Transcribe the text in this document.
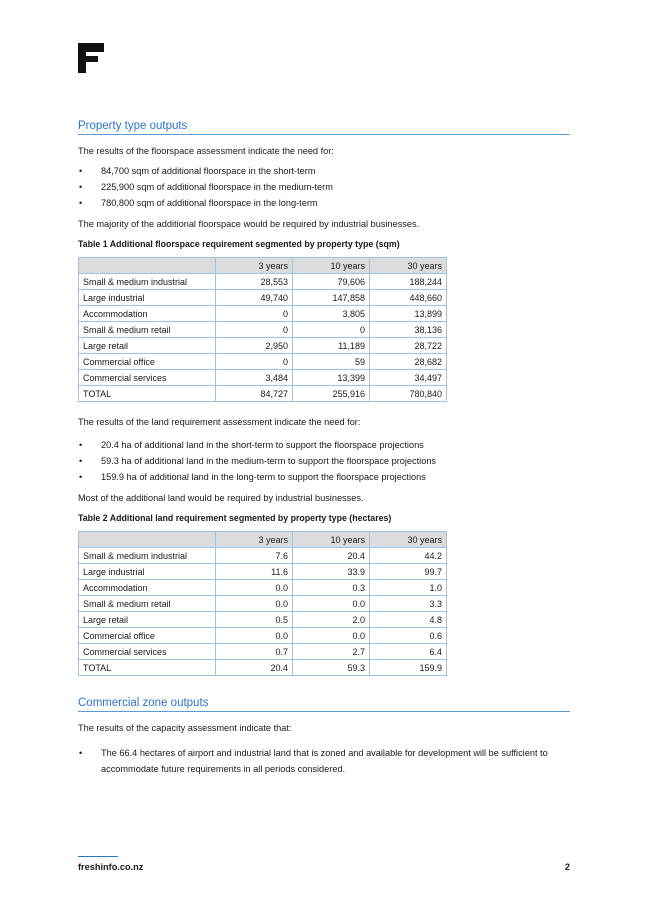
Property type outputs

The results of the floorspace assessment indicate the need for:

• 84,700 sqm of additional floorspace in the short-term
• 225,900 sqm of additional floorspace in the medium-term
• 780,800 sqm of additional floorspace in the long-term

The majority of the additional floorspace would be required by industrial businesses.

Table 1 Additional floorspace requirement segmented by property type (sqm)

	3 years	10 years	30 years
Small & medium industrial	28,553	79,606	188,244
Large industrial	49,740	147,858	448,660
Accommodation	0	3,805	13,899
Small & medium retail	0	0	38,136
Large retail	2,950	11,189	28,722
Commercial office	0	59	28,682
Commercial services	3,484	13,399	34,497
TOTAL	84,727	255,916	780,840

The results of the land requirement assessment indicate the need for:

• 20.4 ha of additional land in the short-term to support the floorspace projections
• 59.3 ha of additional land in the medium-term to support the floorspace projections
• 159.9 ha of additional land in the long-term to support the floorspace projections

Most of the additional land would be required by industrial businesses.

Table 2 Additional land requirement segmented by property type (hectares)

	3 years	10 years	30 years
Small & medium industrial	7.6	20.4	44.2
Large industrial	11.6	33.9	99.7
Accommodation	0.0	0.3	1.0
Small & medium retail	0.0	0.0	3.3
Large retail	0.5	2.0	4.8
Commercial office	0.0	0.0	0.6
Commercial services	0.7	2.7	6.4
TOTAL	20.4	59.3	159.9
Commercial zone outputs

The results of the capacity assessment indicate that:

• The 66.4 hectares of airport and industrial land that is zoned and available for development will be sufficient to accommodate future requirements in all periods considered.
freshinfo.co.nz	2
